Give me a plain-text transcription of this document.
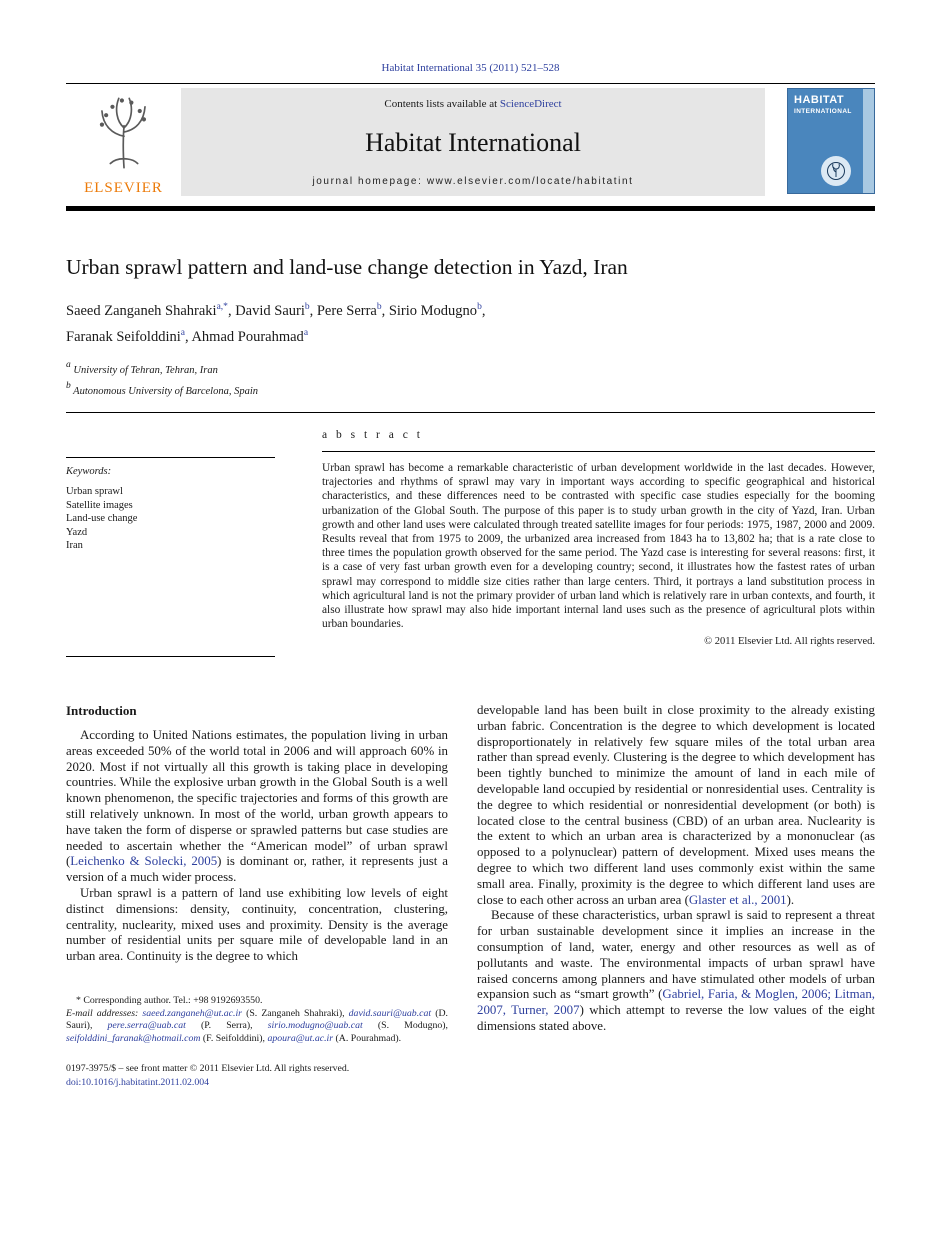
Habitat International 35 (2011) 521–528
ELSEVIER
Contents lists available at ScienceDirect
Habitat International
journal homepage: www.elsevier.com/locate/habitatint
HABITAT
INTERNATIONAL
Urban sprawl pattern and land-use change detection in Yazd, Iran
Saeed Zanganeh Shahraki$^{a,*}$, David Sauri$^b$, Pere Serra$^b$, Sirio Modugno$^b$,
Faranak Seifolddini$^a$, Ahmad Pourahmad$^a$
a University of Tehran, Tehran, Iran
b Autonomous University of Barcelona, Spain
Keywords:
Urban sprawl
Satellite images
Land-use change
Yazd
Iran
a b s t r a c t
Urban sprawl has become a remarkable characteristic of urban development worldwide in the last decades. However, trajectories and rhythms of sprawl may vary in important ways according to specific geographical and historical characteristics, and these differences need to be contrasted with specific case studies especially for the booming urbanization of the Global South. The purpose of this paper is to study urban growth in the city of Yazd, Iran. Urban growth and other land uses were calculated through treated satellite images for four periods: 1975, 1987, 2000 and 2009. Results reveal that from 1975 to 2009, the urbanized area increased from 1843 ha to 13,802 ha; that is a rate close to three times the population growth observed for the same period. The Yazd case is interesting for several reasons: first, it is a case of very fast urban growth even for a developing country; second, it illustrates how the fastest rates of urban sprawl may correspond to middle size cities rather than large centers. Third, it portrays a land substitution process in which agricultural land is not the primary provider of urban land which is relatively rare in urban contexts, and fourth, it also illustrate how sprawl may also hide important internal land uses such as the presence of agricultural plots within urban boundaries.
© 2011 Elsevier Ltd. All rights reserved.
Introduction
According to United Nations estimates, the population living in urban areas exceeded 50% of the world total in 2006 and will approach 60% in 2020. Most if not virtually all this growth is taking place in developing countries. While the explosive urban growth in the Global South is a well known phenomenon, the specific trajectories and forms of this growth are still relatively unknown. In most of the world, urban growth appears to have taken the form of disperse or sprawled patterns but case studies are needed to ascertain whether the “American model” of urban sprawl (Leichenko & Solecki, 2005) is dominant or, rather, it represents just a version of a much wider process.
Urban sprawl is a pattern of land use exhibiting low levels of eight distinct dimensions: density, continuity, concentration, clustering, centrality, nuclearity, mixed uses and proximity. Density is the average number of residential units per square mile of developable land in an urban area. Continuity is the degree to which
* Corresponding author. Tel.: +98 9192693550.
E-mail addresses: saeed.zanganeh@ut.ac.ir (S. Zanganeh Shahraki), david.sauri@uab.cat (D. Sauri), pere.serra@uab.cat (P. Serra), sirio.modugno@uab.cat (S. Modugno), seifolddini_faranak@hotmail.com (F. Seifolddini), apoura@ut.ac.ir (A. Pourahmad).
0197-3975/$ – see front matter © 2011 Elsevier Ltd. All rights reserved.
doi:10.1016/j.habitatint.2011.02.004
developable land has been built in close proximity to the already existing urban fabric. Concentration is the degree to which development is located disproportionately in relatively few square miles of the total urban area rather than spread evenly. Clustering is the degree to which development has been tightly bunched to minimize the amount of land in each mile of developable land occupied by residential or nonresidential uses. Centrality is the degree to which residential or nonresidential development (or both) is located close to the central business (CBD) of an urban area. Nuclearity is the extent to which an urban area is characterized by a mononuclear (as opposed to a polynuclear) pattern of development. Mixed uses means the degree to which two different land uses commonly exist within the same small area. Finally, proximity is the degree to which different land uses are close to each other across an urban area (Glaster et al., 2001).
Because of these characteristics, urban sprawl is said to represent a threat for urban sustainable development since it implies an increase in the consumption of land, water, energy and other resources as well as of pollutants and waste. The environmental impacts of urban sprawl have raised concerns among planners and have stimulated other models of urban expansion such as “smart growth” (Gabriel, Faria, & Moglen, 2006; Litman, 2007, Turner, 2007) which attempt to reverse the low values of the eight dimensions stated above.
